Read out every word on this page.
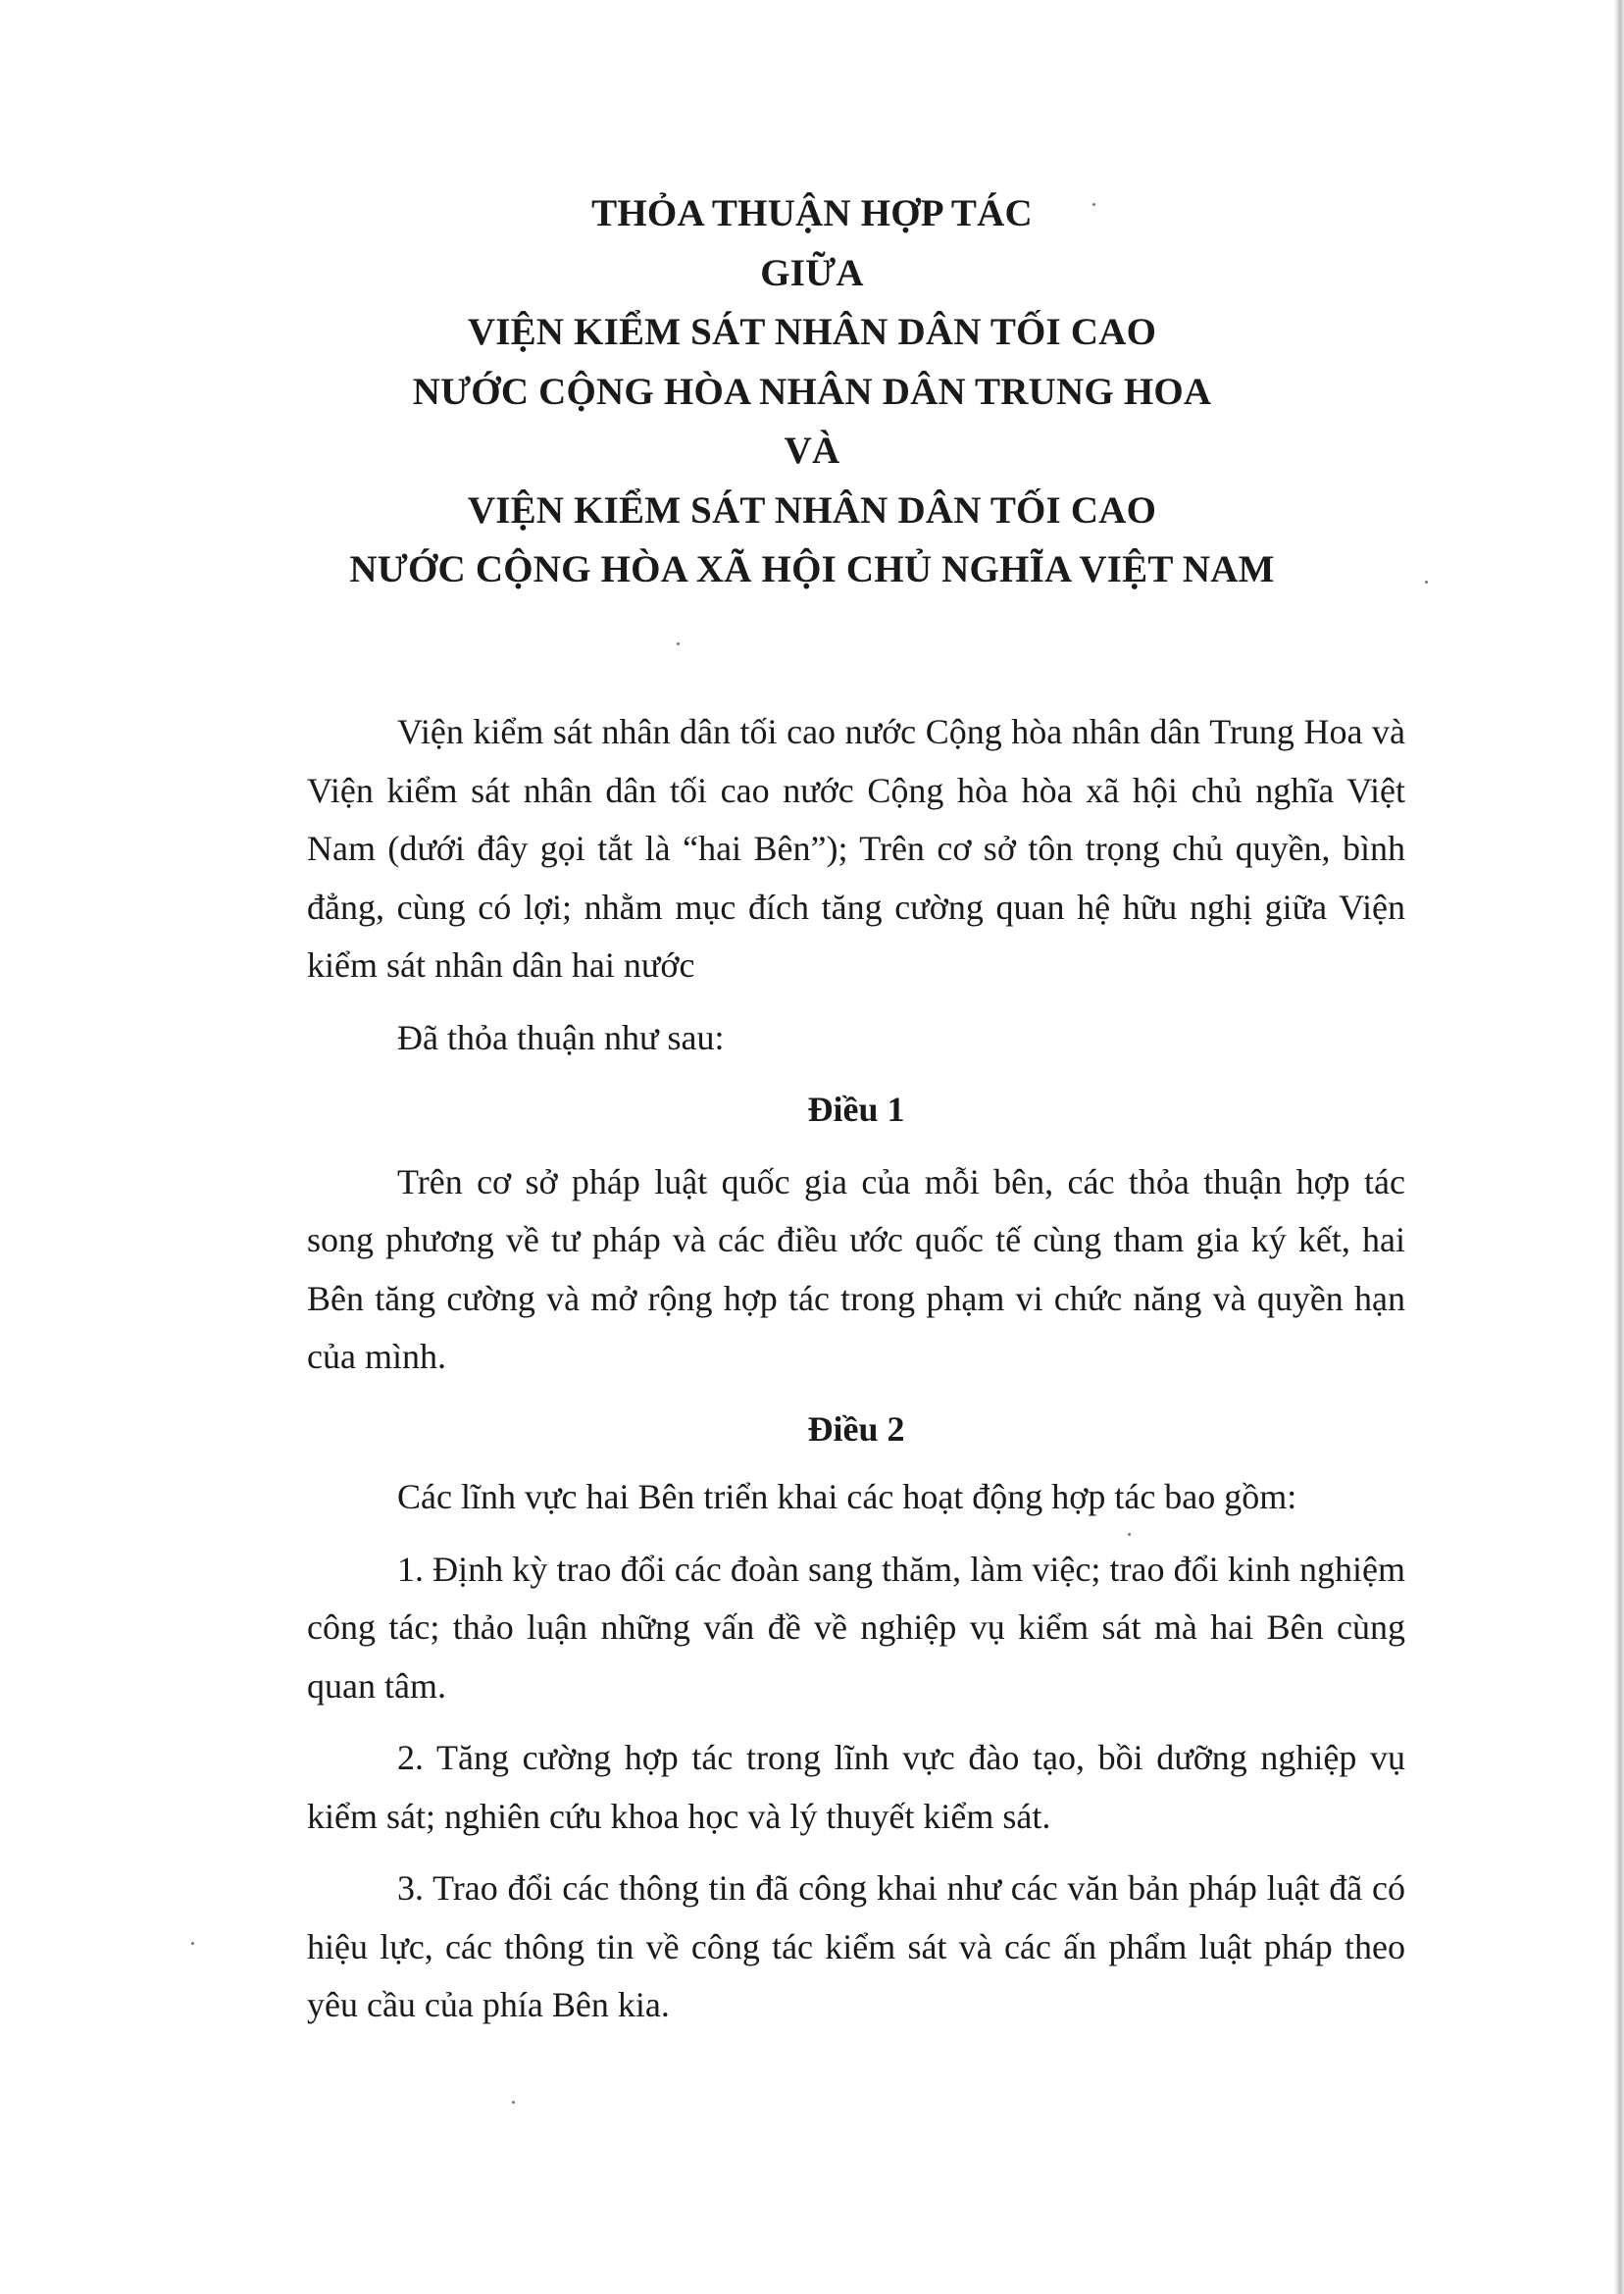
THỎA THUẬN HỢP TÁC
GIỮA
VIỆN KIỂM SÁT NHÂN DÂN TỐI CAO
NƯỚC CỘNG HÒA NHÂN DÂN TRUNG HOA
VÀ
VIỆN KIỂM SÁT NHÂN DÂN TỐI CAO
NƯỚC CỘNG HÒA XÃ HỘI CHỦ NGHĨA VIỆT NAM

Viện kiểm sát nhân dân tối cao nước Cộng hòa nhân dân Trung Hoa và Viện kiểm sát nhân dân tối cao nước Cộng hòa hòa xã hội chủ nghĩa Việt Nam (dưới đây gọi tắt là “hai Bên”); Trên cơ sở tôn trọng chủ quyền, bình đẳng, cùng có lợi; nhằm mục đích tăng cường quan hệ hữu nghị giữa Viện kiểm sát nhân dân hai nước

Đã thỏa thuận như sau:

Điều 1

Trên cơ sở pháp luật quốc gia của mỗi bên, các thỏa thuận hợp tác song phương về tư pháp và các điều ước quốc tế cùng tham gia ký kết, hai Bên tăng cường và mở rộng hợp tác trong phạm vi chức năng và quyền hạn của mình.

Điều 2

Các lĩnh vực hai Bên triển khai các hoạt động hợp tác bao gồm:

1. Định kỳ trao đổi các đoàn sang thăm, làm việc; trao đổi kinh nghiệm công tác; thảo luận những vấn đề về nghiệp vụ kiểm sát mà hai Bên cùng quan tâm.

2. Tăng cường hợp tác trong lĩnh vực đào tạo, bồi dưỡng nghiệp vụ kiểm sát; nghiên cứu khoa học và lý thuyết kiểm sát.

3. Trao đổi các thông tin đã công khai như các văn bản pháp luật đã có hiệu lực, các thông tin về công tác kiểm sát và các ấn phẩm luật pháp theo yêu cầu của phía Bên kia.
